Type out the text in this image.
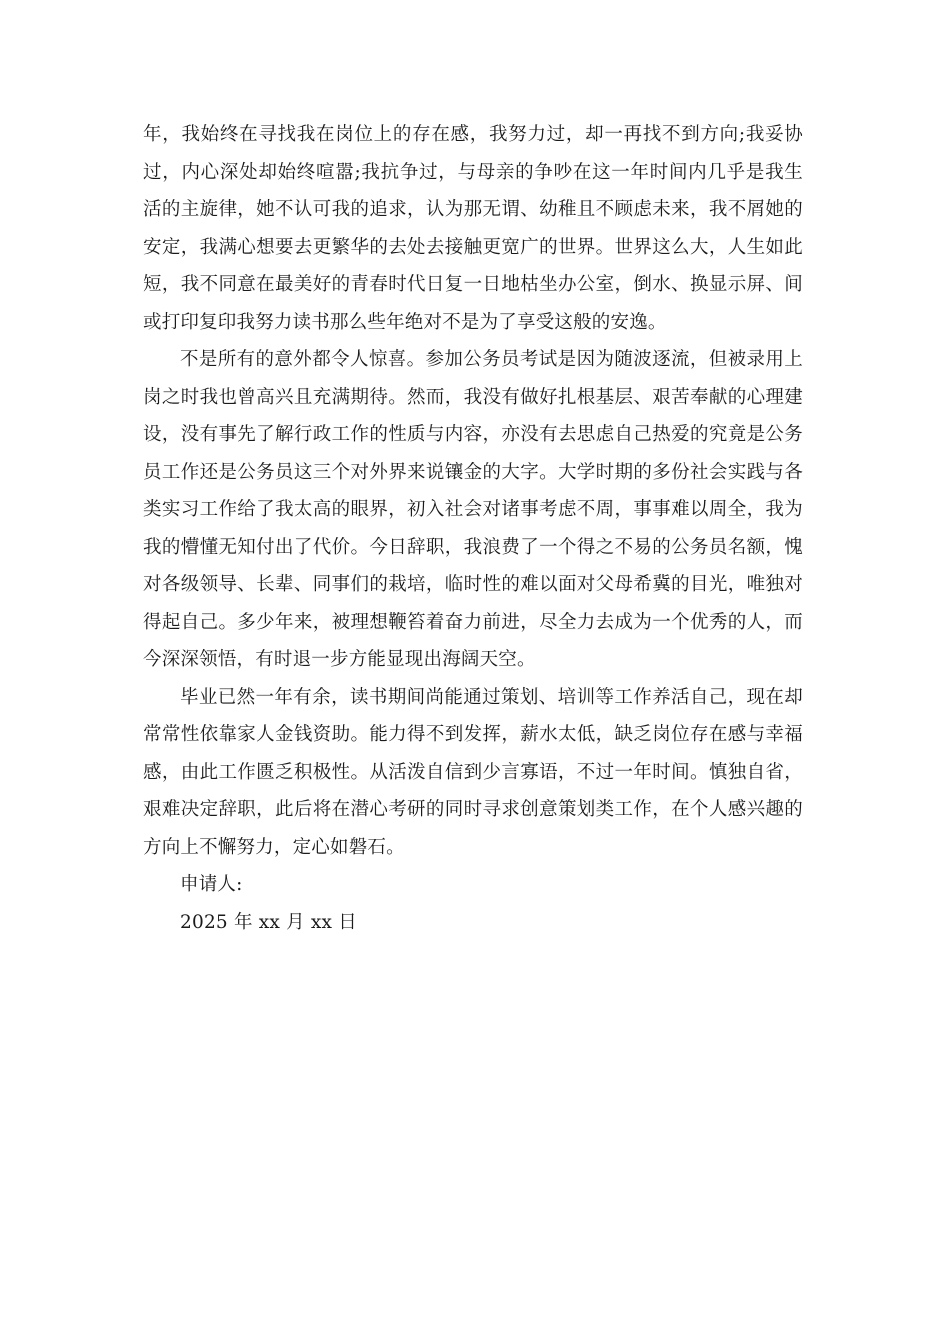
年，我始终在寻找我在岗位上的存在感，我努力过，却一再找不到方向;我妥协过，内心深处却始终喧嚣;我抗争过，与母亲的争吵在这一年时间内几乎是我生活的主旋律，她不认可我的追求，认为那无谓、幼稚且不顾虑未来，我不屑她的安定，我满心想要去更繁华的去处去接触更宽广的世界。世界这么大，人生如此短，我不同意在最美好的青春时代日复一日地枯坐办公室，倒水、换显示屏、间或打印复印我努力读书那么些年绝对不是为了享受这般的安逸。

不是所有的意外都令人惊喜。参加公务员考试是因为随波逐流，但被录用上岗之时我也曾高兴且充满期待。然而，我没有做好扎根基层、艰苦奉献的心理建设，没有事先了解行政工作的性质与内容，亦没有去思虑自己热爱的究竟是公务员工作还是公务员这三个对外界来说镶金的大字。大学时期的多份社会实践与各类实习工作给了我太高的眼界，初入社会对诸事考虑不周，事事难以周全，我为我的懵懂无知付出了代价。今日辞职，我浪费了一个得之不易的公务员名额，愧对各级领导、长辈、同事们的栽培，临时性的难以面对父母希冀的目光，唯独对得起自己。多少年来，被理想鞭笞着奋力前进，尽全力去成为一个优秀的人，而今深深领悟，有时退一步方能显现出海阔天空。

毕业已然一年有余，读书期间尚能通过策划、培训等工作养活自己，现在却常常性依靠家人金钱资助。能力得不到发挥，薪水太低，缺乏岗位存在感与幸福感，由此工作匮乏积极性。从活泼自信到少言寡语，不过一年时间。慎独自省，艰难决定辞职，此后将在潜心考研的同时寻求创意策划类工作，在个人感兴趣的方向上不懈努力，定心如磐石。

申请人:

2025 年 xx 月 xx 日
